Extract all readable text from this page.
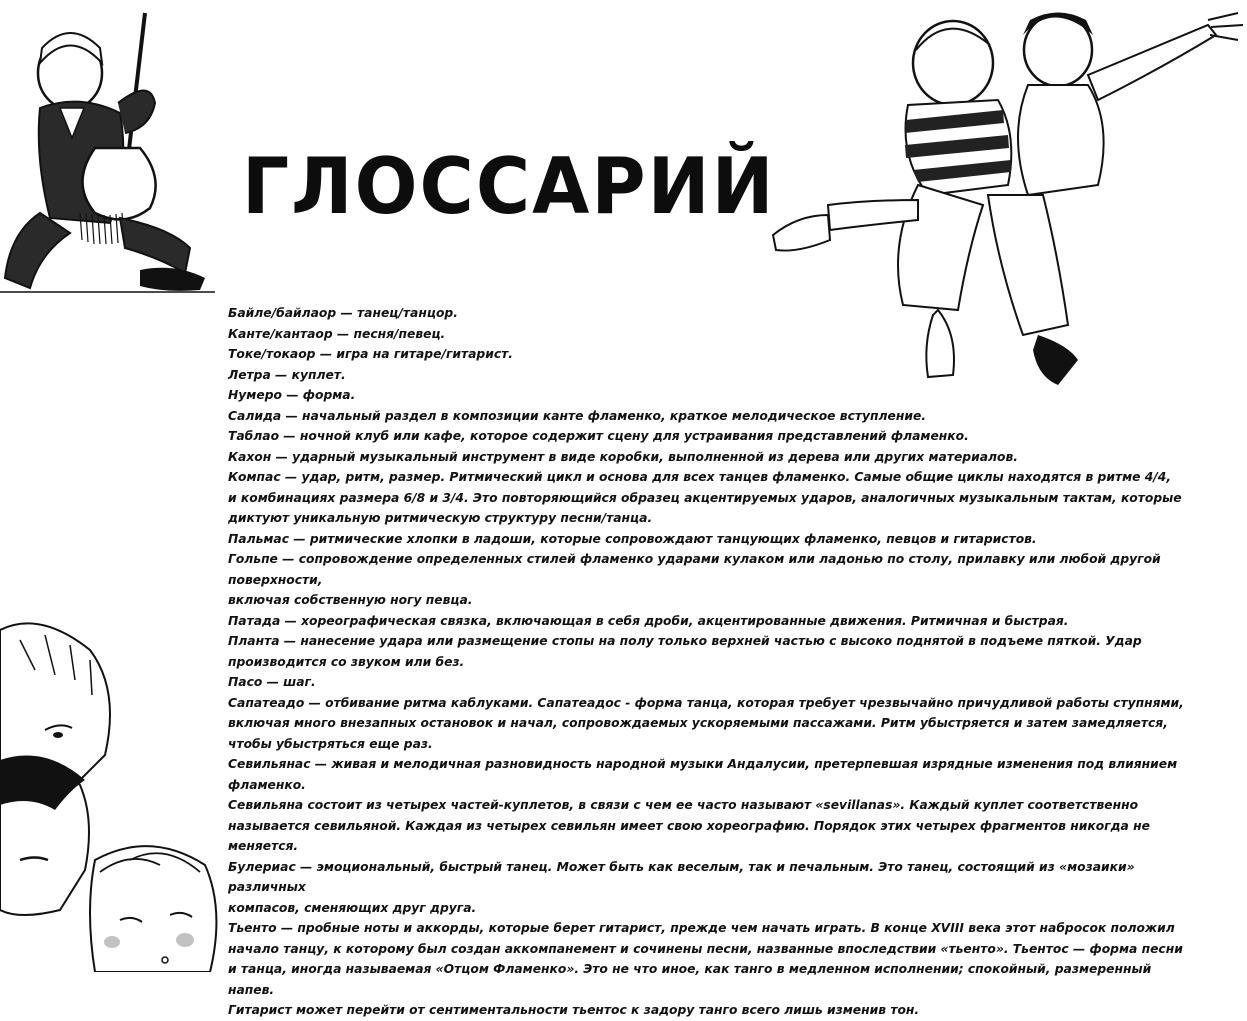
ГЛОССАРИЙ
Байле/байлаор — танец/танцор.
Канте/кантаор — песня/певец.
Токе/токаор — игра на гитаре/гитарист.
Летра — куплет.
Нумеро — форма.
Салида — начальный раздел в композиции канте фламенко, краткое мелодическое вступление.
Таблао — ночной клуб или кафе, которое содержит сцену для устраивания представлений фламенко.
Кахон — ударный музыкальный инструмент в виде коробки, выполненной из дерева или других материалов.
Компас — удар, ритм, размер. Ритмический цикл и основа для всех танцев фламенко. Самые общие циклы находятся в ритме 4/4,
и комбинациях размера 6/8 и 3/4. Это повторяющийся образец акцентируемых ударов, аналогичных музыкальным тактам, которые
диктуют уникальную ритмическую структуру песни/танца.
Пальмас — ритмические хлопки в ладоши, которые сопровождают танцующих фламенко, певцов и гитаристов.
Гольпе — сопровождение определенных стилей фламенко ударами кулаком или ладонью по столу, прилавку или любой другой поверхности,
включая собственную ногу певца.
Патада — хореографическая связка, включающая в себя дроби, акцентированные движения. Ритмичная и быстрая.
Планта — нанесение удара или размещение стопы на полу только верхней частью с высоко поднятой в подъеме пяткой. Удар
производится со звуком или без.
Пасо — шаг.
Сапатеадо — отбивание ритма каблуками. Сапатеадос - форма танца, которая требует чрезвычайно причудливой работы ступнями,
включая много внезапных остановок и начал, сопровождаемых ускоряемыми пассажами. Ритм убыстряется и затем замедляется,
чтобы убыстряться еще раз.
Севильянас — живая и мелодичная разновидность народной музыки Андалусии, претерпевшая изрядные изменения под влиянием фламенко.
Севильяна состоит из четырех частей-куплетов, в связи с чем ее часто называют «sevillanas». Каждый куплет соответственно
называется севильяной. Каждая из четырех севильян имеет свою хореографию. Порядок этих четырех фрагментов никогда не меняется.
Булериас — эмоциональный, быстрый танец. Может быть как веселым, так и печальным. Это танец, состоящий из «мозаики» различных
компасов, сменяющих друг друга.
Тьенто — пробные ноты и аккорды, которые берет гитарист, прежде чем начать играть. В конце XVIII века этот набросок положил
начало танцу, к которому был создан аккомпанемент и сочинены песни, названные впоследствии «тьенто». Тьентос — форма песни
и танца, иногда называемая «Отцом Фламенко». Это не что иное, как танго в медленном исполнении; спокойный, размеренный напев.
Гитарист может перейти от сентиментальности тьентос к задору танго всего лишь изменив тон.
